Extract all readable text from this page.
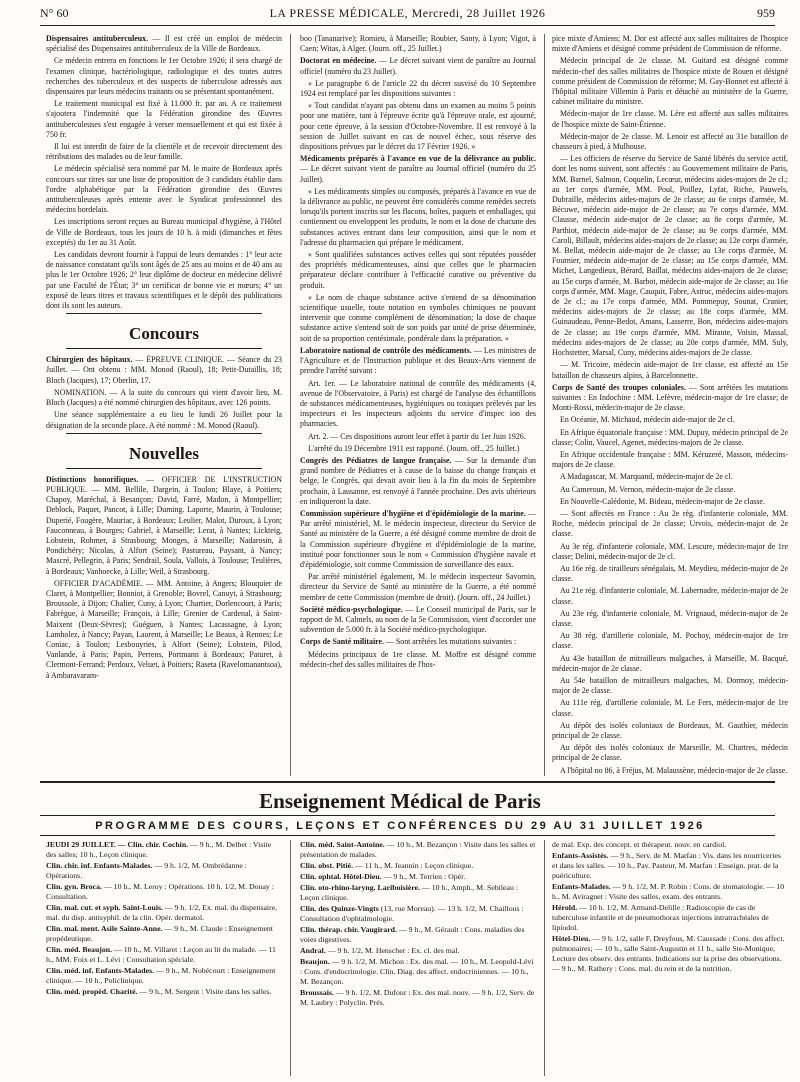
N° 60	LA PRESSE MÉDICALE, Mercredi, 28 Juillet 1926	959

Dispensaires antituberculeux. — Il est créé un emploi de médecin spécialisé des Dispensaires antituberculeux de la Ville de Bordeaux.

Ce médecin entrera en fonctions le 1er Octobre 1926; il sera chargé de l'examen clinique, bactériologique, radiologique et des toutes autres recherches des tuberculeux et des suspects de tuberculose adressés aux dispensaires par leurs médecins traitants ou se présentant spontanément.

Le traitement municipal est fixé à 11.000 fr. par an. A ce traitement s'ajoutera l'indemnité que la Fédération girondine des Œuvres antituberculeuses s'est engagée à verser mensuellement et qui est fixée à 750 fr.

Il lui est interdit de faire de la clientèle et de recevoir directement des rétributions des malades ou de leur famille.

Le médecin spécialisé sera nommé par M. le maire de Bordeaux après concours sur titres sur une liste de proposition de 3 candidats établie dans l'ordre alphabétique par la Fédération girondine des Œuvres antituberculeuses après entente avec le Syndicat professionnel des médecins bordelais.

Les inscriptions seront reçues au Bureau municipal d'hygiène, à l'Hôtel de Ville de Bordeaux, tous les jours de 10 h. à midi (dimanches et fêtes exceptés) du 1er au 31 Août.

Les candidats devront fournir à l'appui de leurs demandes : 1° leur acte de naissance constatant qu'ils sont âgés de 25 ans au moins et de 40 ans au plus le 1er Octobre 1926; 2° leur diplôme de docteur en médecine délivré par une Faculté de l'État; 3° un certificat de bonne vie et mœurs; 4° un exposé de leurs titres et travaux scientifiques et le dépôt des publications dont ils sont les auteurs.

Concours

Chirurgien des hôpitaux. — ÉPREUVE CLINIQUE. — Séance du 23 Juillet. — Ont obtenu : MM. Monod (Raoul), 18; Petit-Dutaillis, 18; Bloch (Jacques), 17; Oberlin, 17.

NOMINATION. — A la suite du concours qui vient d'avoir lieu, M. Bloch (Jacques) a été nommé chirurgien des hôpitaux, avec 126 points.

Une séance supplémentaire a eu lieu le lundi 26 Juillet pour la désignation de la seconde place. A été nommé : M. Monod (Raoul).

Nouvelles

Distinctions honorifiques. — OFFICIER DE L'INSTRUCTION PUBLIQUE. — MM. Bellile, Dargein, à Toulon; Blaye, à Poitiers; Chapoy, Maréchal, à Besançon; David, Farré, Madon, à Montpellier; Deblock, Paquet, Pancot, à Lille; Duming. Laporte, Maurin, à Toulouse; Duperié, Fougère, Mauriac, à Bordeaux; Leulier, Malot, Duroux, à Lyon; Fauconneau, à Bourges; Gabriel, à Marseille; Lerat, à Nantes; Lickteig, Lobstein, Rohmer, à Strasbourg; Monges, à Marseille; Nadarosin, à Pondichéry; Nicolas, à Alfort (Seine); Pastureau, Paysant, à Nancy; Mascré, Pellegrin, à Paris; Sendrail, Soula, Vallois, à Toulouse; Teulières, à Bordeaux; Vanhoecke, à Lille; Weil, à Strasbourg.

OFFICIER D'ACADÉMIE. — MM. Antoine, à Angers; Blouquier de Claret, à Montpellier; Bonniot, à Grenoble; Bovrel, Canuyt, à Strasbourg; Broussole, à Dijon; Chalier, Cuny, à Lyon; Chartier, Dorlencourt, à Paris; Fabrègue, à Marseille; François, à Lille; Grenier de Cardenal, à Saint-Maixent (Deux-Sèvres); Guéguen, à Nantes; Lacassagne, à Lyon; Lamholez, à Nancy; Payan, Laurent, à Marseille; Le Beaux, à Rennes; Le Coniac, à Toulon; Lesbouyries, à Alfort (Seine); Lobstein, Pilod, Vanlande, à Paris; Papin, Perrens, Portmann à Bordeaux; Paturet, à Clermont-Ferrand; Perdoux, Veluet, à Poitiers; Raseta (Ravelomanantsoa), à Ambaravaram-

boo (Tananarive); Romieu, à Marseille; Roubier, Santy, à Lyon; Vigot, à Caen; Witas, à Alger. (Journ. off., 25 Juillet.)

Doctorat en médecine. — Le décret suivant vient de paraître au Journal officiel (numéro du 23 Juillet).

« Le paragraphe 6 de l'article 22 du décret susvisé du 10 Septembre 1924 est remplacé par les dispositions suivantes :

« Tout candidat n'ayant pas obtenu dans un examen au moins 5 points pour une matière, tant à l'épreuve écrite qu'à l'épreuve orale, est ajourné, pour cette épreuve, à la session d'Octobre-Novembre. Il est renvoyé à la session de Juillet suivant en cas de nouvel échec, sous réserve des dispositions prévues par le décret du 17 Février 1926. »

Médicaments préparés à l'avance en vue de la délivrance au public. — Le décret suivant vient de paraître au Journal officiel (numéro du 25 Juillet).

« Les médicaments simples ou composés, préparés à l'avance en vue de la délivrance au public, ne peuvent être considérés comme remèdes secrets lorsqu'ils portent inscrits sur les flacons, boîtes, paquets et emballages, qui contiennent ou enveloppent les produits, le nom et la dose de chacune des substances actives entrant dans leur composition, ainsi que le nom et l'adresse du pharmacien qui prépare le médicament.

« Sont qualifiées substances actives celles qui sont réputées posséder des propriétés médicamenteuses, ainsi que celles que le pharmacien préparateur déclare contribuer à l'efficacité curative ou préventive du produit.

« Le nom de chaque substance active s'entend de sa dénomination scientifique usuelle, toute notation en symboles chimiques ne pouvant intervenir que comme complément de dénomination; la dose de chaque substance active s'entend soit de son poids par unité de prise déterminée, soit de sa proportion centésimale, pondérale dans la préparation. »

Laboratoire national de contrôle des médicaments. — Les ministres de l'Agriculture et de l'Instruction publique et des Beaux-Arts viennent de prendre l'arrêté suivant :

Art. 1er. — Le laboratoire national de contrôle des médicaments (4, avenue de l'Observatoire, à Paris) est chargé de l'analyse des échantillons de substances médicamenteuses, hygiéniques ou toxiques prélevés par les inspecteurs et les inspecteurs adjoints du service d'inspec ion des pharmacies.

Art. 2. — Ces dispositions auront leur effet à partir du 1er Juin 1926.

L'arrêté du 19 Décembre 1911 est rapporté. (Journ. off., 25 Juillet.)

Congrès des Pédiatres de langue française. — Sur la demande d'un grand nombre de Pédiatres et à cause de la baisse du change français et belge, le Congrès, qui devait avoir lieu à la fin du mois de Septembre prochain, à Lausanne, est renvoyé à l'année prochaine. Des avis ultérieurs en indiqueront la date.

Commission supérieure d'hygiène et d'épidémiologie de la marine. — Par arrêté ministériel, M. le médecin inspecteur, directeur du Service de Santé au ministère de la Guerre, a été désigné comme membre de droit de la Commission supérieure d'hygiène et d'épidémiologie de la marine, institué pour fonctionner sous le nom « Commission d'hygiène navale et d'épidémiologie, soit comme Commission de surveillance des eaux.

Par arrêté ministériel également, M. le médecin inspecteur Savornin, directeur du Service de Santé au ministère de la Guerre, a été nommé membre de cette Commission (membre de droit). (Journ. off., 24 Juillet.)

Société médico-psychologique. — Le Conseil municipal de Paris, sur le rapport de M. Calmels, au nom de la 5e Commission, vient d'accorder une subvention de 5.000 fr. à la Société médico-psychologique.

Corps de Santé militaire. — Sont arrêtées les mutations suivantes :

Médecins principaux de 1re classe. M. Moffre est désigné comme médecin-chef des salles militaires de l'hos-

pice mixte d'Amiens; M. Dor est affecté aux salles militaires de l'hospice mixte d'Amiens et désigné comme président de Commission de réforme.

Médecin principal de 2e classe. M. Guitard est désigné comme médecin-chef des salles militaires de l'hospice mixte de Rouen et désigné comme président de Commission de réforme; M. Gay-Bonnet est affecté à l'hôpital militaire Villemin à Paris et détaché au ministère de la Guerre, cabinet militaire du ministre.

Médecin-major de 1re classe. M. Lère est affecté aux salles militaires de l'hospice mixte de Saint-Étienne.

Médecin-major de 2e classe. M. Lenoir est affecté au 31e bataillon de chasseurs à pied, à Mulhouse.

— Les officiers de réserve du Service de Santé libérés du service actif, dont les noms suivent, sont affectés : au Gouvernement militaire de Paris, MM. Barnel, Salmon, Coquelin, Lecœur, médecins aides-majors de 2e cl.; au 1er corps d'armée, MM. Poul, Poillez, Lyfat, Riche, Pauwels, Dubraille, médecins aides-majors de 2e classe; au 6e corps d'armée, M. Bécuwe, médecin aide-major de 2e classe; au 7e corps d'armée, MM. Clausse, médecin aide-major de 2e classe; au 8e corps d'armée, M. Parthiot, médecin aide-major de 2e classe; au 9e corps d'armée, MM. Caroli, Billault, médecins aides-majors de 2e classe; au 12e corps d'armée, M. Bellat, médecin aide-major de 2e classe; au 13e corps d'armée, M. Fournier, médecin aide-major de 2e classe; au 15e corps d'armée, MM. Michet, Langedieux, Bérard, Baillat, médecins aides-majors de 2e classe; au 15e corps d'armée, M. Barbot, médecin aide-major de 2e classe; au 16e corps d'armée, MM. Mage, Cauquit, Fabre, Astruc, médecins aides-majors de 2e cl.; au 17e corps d'armée, MM. Pommepuy, Sounat, Cranier, médecins aides-majors de 2e classe; au 18e corps d'armée, MM. Guinaudeau, Penne-Bedot, Amans, Lasserre, Bon, médecins aides-majors de 2e classe; au 19e corps d'armée, MM. Mirante, Voisin, Massal, médecins aides-majors de 2e classe; au 20e corps d'armée, MM. Suly, Hochstetter, Marsal, Cuny, médecins aides-majors de 2e classe.

— M. Tricoire, médecin aide-major de 1re classe, est affecté au 15e bataillon de chasseurs alpins, à Barcelonnette.

Corps de Santé des troupes coloniales. — Sont arrêtées les mutations suivantes : En Indochine : MM. Lefèvre, médecin-major de 1re classe; de Monti-Rossi, médecin-major de 2e classe.

En Océanie, M. Michaud, médecin aide-major de 2e cl.

En Afrique équatoriale française : MM. Dupuy, médecin principal de 2e classe; Colin, Vaucel, Agenet, médecins-majors de 2e classe.

En Afrique occidentale française : MM. Kéruzeré, Masson, médecins-majors de 2e classe.

A Madagascar, M. Marquand, médecin-major de 2e cl.

Au Cameroun, M. Vernon, médecin-major de 2e classe.

En Nouvelle-Calédonie, M. Bideau, médecin-major de 2e classe.

— Sont affectés en France : Au 2e rég. d'infanterie coloniale, MM. Roche, médecin principal de 2e classe; Urvois, médecin-major de 2e classe.

Au 3e rég. d'infanterie coloniale, MM. Lescure, médecin-major de 1re classe; Delini, médecin-major de 2e cl.

Au 16e rég. de tirailleurs sénégalais, M. Meydieu, médecin-major de 2e classe.

Au 21e rég. d'infanterie coloniale, M. Labernadre, médecin-major de 2e classe.

Au 23e rég. d'infanterie coloniale, M. Vrignaud, médecin-major de 2e classe.

Au 38 rég. d'artillerie coloniale, M. Pochoy, médecin-major de 1re classe.

Au 43e bataillon de mitrailleurs malgaches, à Marseille, M. Bacqué, médecin-major de 2e classe.

Au 54e bataillon de mitrailleurs malgaches, M. Dormoy, médecin-major de 2e classe.

Au 111e rég. d'artillerie coloniale, M. Le Fers, médecin-major de 1re classe.

Au dépôt des isolés coloniaux de Bordeaux, M. Gauthier, médecin principal de 2e classe.

Au dépôt des isolés coloniaux de Marseille, M. Chartres, médecin principal de 2e classe.

A l'hôpital no 86, à Fréjus, M. Malaussène, médecin-major de 2e classe.

Enseignement Médical de Paris
PROGRAMME DES COURS, LEÇONS ET CONFÉRENCES DU 29 AU 31 JUILLET 1926

JEUDI 29 JUILLET. — Clin. chir. Cochin. — 9 h., M. Delbet : Visite des salles; 10 h., Leçon clinique.

Clin. chir. inf. Enfants-Malades. — 9 h. 1/2, M. Ombrédanne : Opérations.

Clin. gyn. Broca. — 10 h., M. Leroy : Opérations. 10 h. 1/2, M. Douay : Consultation.

Clin. mal. cut. et syph. Saint-Louis. — 9 h. 1/2, Ex. mal. du dispensaire, mal. du disp. antisyphil. de la clin. Opér. dermatol.

Clin. mal. ment. Asile Sainte-Anne. — 9 h., M. Claude : Enseignement propédeutique.

Clin. méd. Beaujon. — 10 h., M. Villaret : Leçon au lit du malade. — 11 h., MM. Foix et L. Lévi : Consultation spéciale.

Clin. méd. inf. Enfants-Malades. — 9 h., M. Nobécourt : Enseignement clinique. — 10 h., Policlinique.

Clin. méd. propéd. Charité. — 9 h., M. Sergent : Visite dans les salles.

Clin. méd. Saint-Antoine. — 10 h., M. Bezançon : Visite dans les salles et présentation de malades.

Clin. obst. Pitié. — 11 h., M. Jeannin : Leçon clinique.

Clin. ophtal. Hôtel-Dieu. — 9 h., M. Terrien : Opér.

Clin. oto-rhino-laryng. Lariboisière. — 10 h., Amph., M. Sebileau : Leçon clinique.

Clin. des Quinze-Vingts (13, rue Moreau). — 13 h. 1/2, M. Chaillous : Consultation d'ophtalmologie.

Clin. thérap. chir. Vaugirard. — 9 h., M. Gérault : Cons. maladies des voies digestives.

Andral. — 9 h. 1/2, M. Henscher : Ex. cl. des mal.

Beaujon. — 9 h. 1/2, M. Michon : Ex. des mal. — 10 h., M. Leopold-Lévi : Cons. d'endocrinologie. Clin. Diag. des affect. endocriniennes. — 10 h., M. Bezançon.

Broussais. — 9 h. 1/2, M. Dufour : Ex. des mal. nouv. — 9 h. 1/2, Serv. de M. Laubry : Polyclin. Prés.

de mal. Exp. des concept. et thérapeut. nouv. en cardiol.

Enfants-Assistés. — 9 h., Serv. de M. Marfan : Vis. dans les nourriceries et dans les salles. — 10 h., Pav. Pasteur, M. Marfan : Enseign. prat. de la puériculture.

Enfants-Malades. — 9 h. 1/2, M. P. Robin : Cons. de stomatologie. — 10 h., M. Aviragnet : Visite des salles, exam. des entrants.

Hérold. — 10 h. 1/2, M. Armand-Delille : Radioscopie de cas de tuberculose infantile et de pneumothorax injections intratrachéales de lipiodol.

Hôtel-Dieu. — 9 h. 1/2, salle F. Dreyfous, M. Caussade : Cons. des affect. pulmonaires; — 10 h., salle Saint-Augustin et 11 h., salle Ste-Monique, Lecture des observ. des entrants. Indications sur la prise des observations. — 9 h., M. Rathery : Cons. mal. du rein et de la nutrition.
